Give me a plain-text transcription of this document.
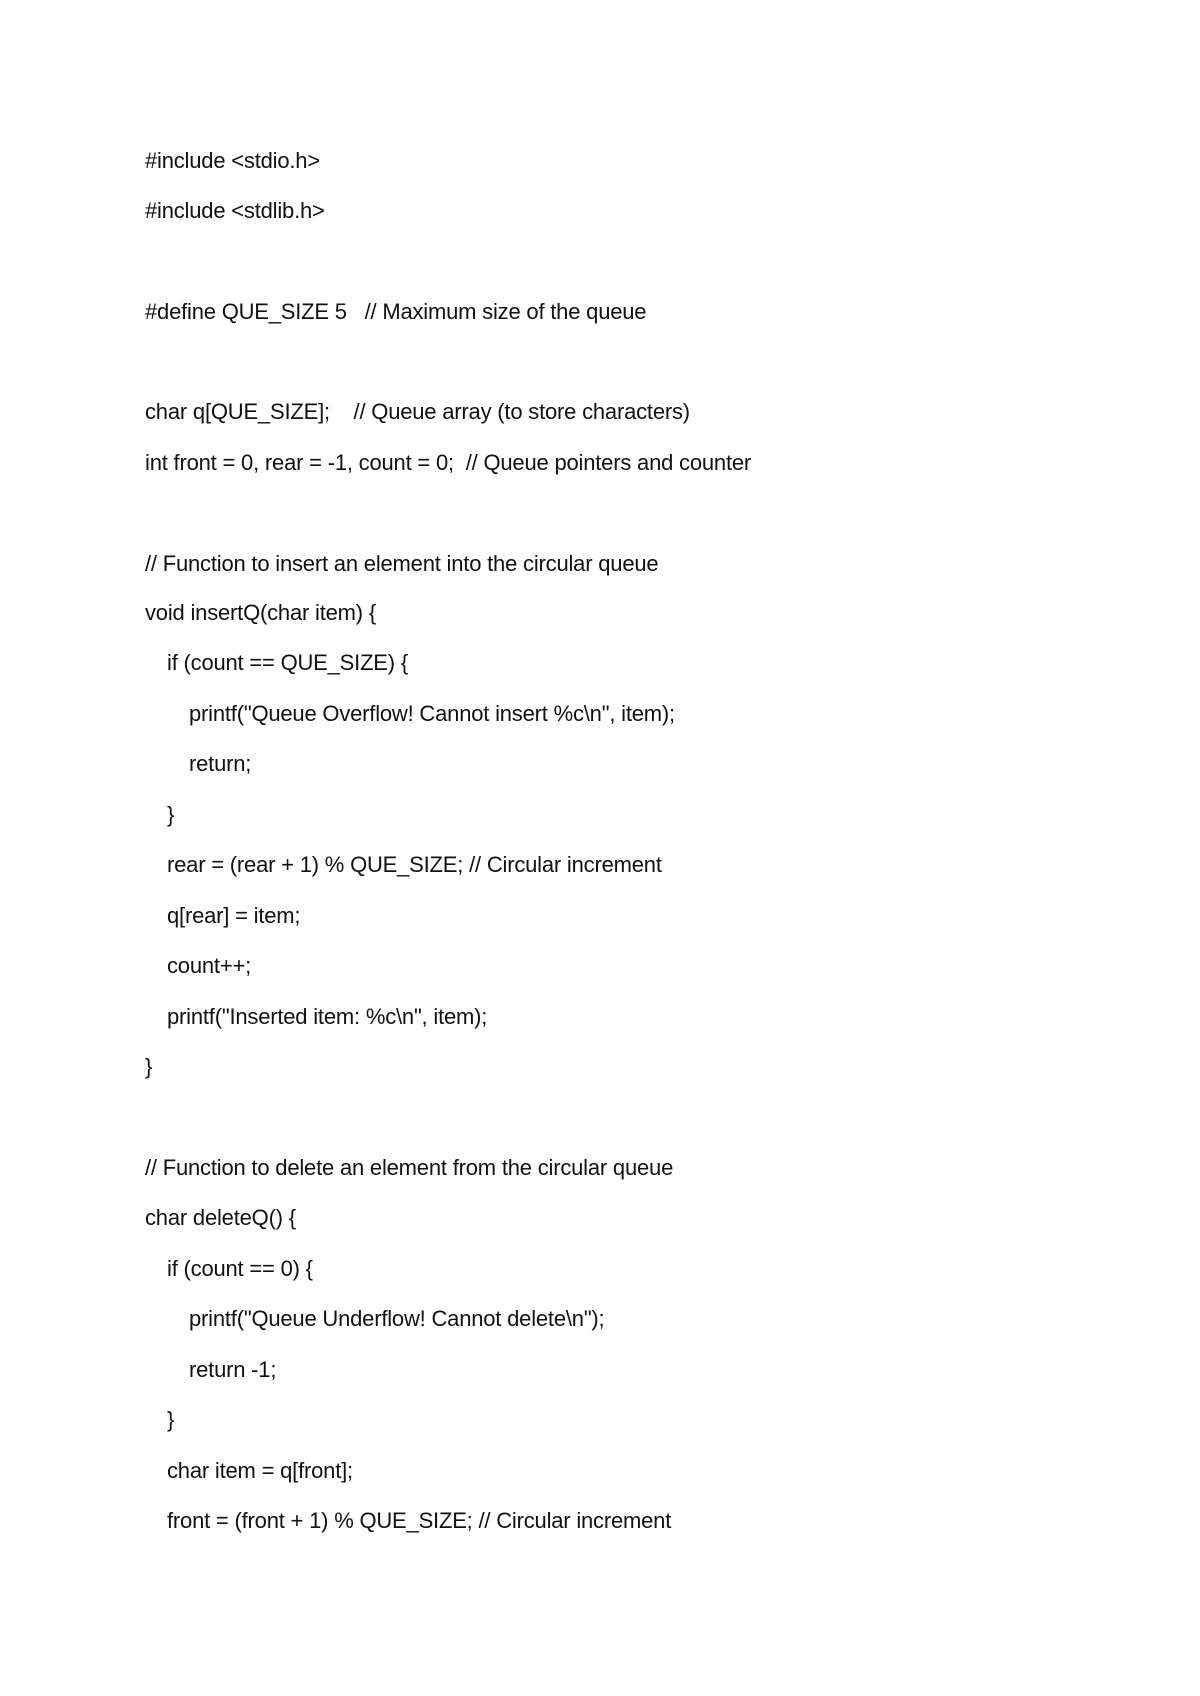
#include <stdio.h>
#include <stdlib.h>
#define QUE_SIZE 5   // Maximum size of the queue
char q[QUE_SIZE];    // Queue array (to store characters)
int front = 0, rear = -1, count = 0;  // Queue pointers and counter
// Function to insert an element into the circular queue
void insertQ(char item) {
if (count == QUE_SIZE) {
printf("Queue Overflow! Cannot insert %c\n", item);
return;
}
rear = (rear + 1) % QUE_SIZE; // Circular increment
q[rear] = item;
count++;
printf("Inserted item: %c\n", item);
}
// Function to delete an element from the circular queue
char deleteQ() {
if (count == 0) {
printf("Queue Underflow! Cannot delete\n");
return -1;
}
char item = q[front];
front = (front + 1) % QUE_SIZE; // Circular increment
